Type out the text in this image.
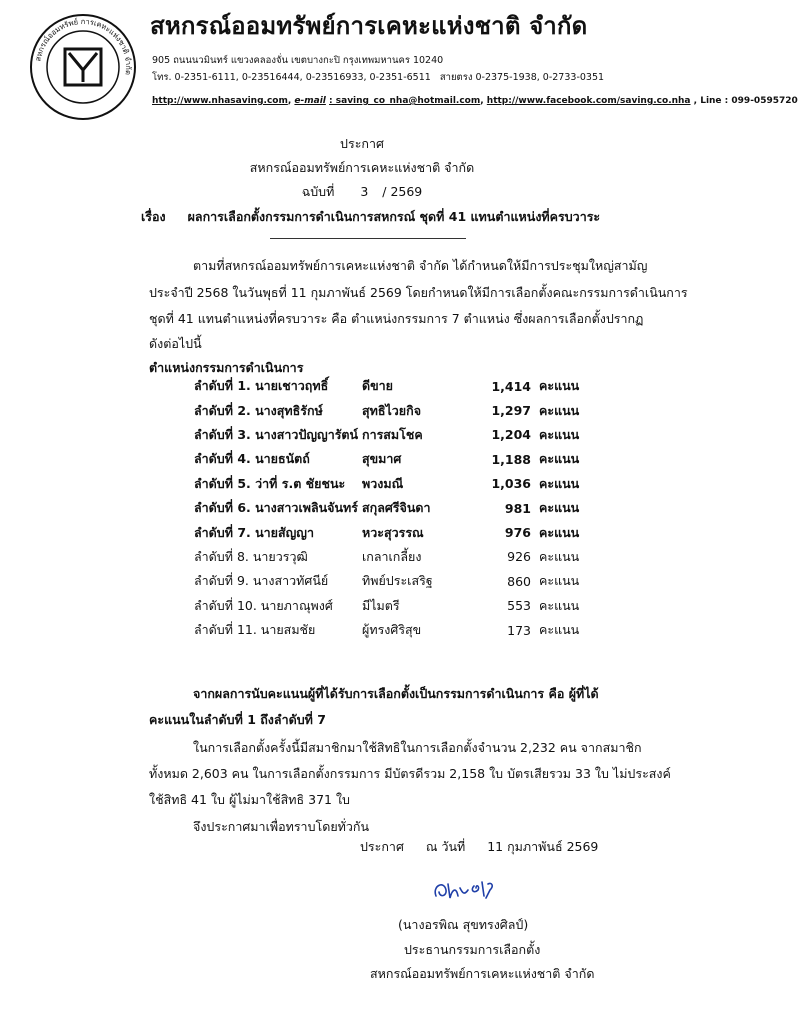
สหกรณ์ออมทรัพย์ การเคหะแห่งชาติ จำกัด
สหกรณ์ออมทรัพย์การเคหะแห่งชาติ จำกัด
905 ถนนนวมินทร์ แขวงคลองจั่น เขตบางกะปิ กรุงเทพมหานคร 10240
โทร. 0-2351-6111, 0-23516444, 0-23516933, 0-2351-6511 สายตรง 0-2375-1938, 0-2733-0351
http://www.nhasaving.com, e-mail : saving_co_nha@hotmail.com, http://www.facebook.com/saving.co.nha , Line : 099-0595720
ประกาศ
สหกรณ์ออมทรัพย์การเคหะแห่งชาติ จำกัด
ฉบับที่ 3 / 2569
เรื่อง ผลการเลือกตั้งกรรมการดำเนินการสหกรณ์ ชุดที่ 41 แทนตำแหน่งที่ครบวาระ
ตามที่สหกรณ์ออมทรัพย์การเคหะแห่งชาติ จำกัด ได้กำหนดให้มีการประชุมใหญ่สามัญ
ประจำปี 2568 ในวันพุธที่ 11 กุมภาพันธ์ 2569 โดยกำหนดให้มีการเลือกตั้งคณะกรรมการดำเนินการ
ชุดที่ 41 แทนตำแหน่งที่ครบวาระ คือ ตำแหน่งกรรมการ 7 ตำแหน่ง ซึ่งผลการเลือกตั้งปรากฏ
ดังต่อไปนี้
ตำแหน่งกรรมการดำเนินการ
ลำดับที่ 1. นายเชาวฤทธิ์	ดีขาย	1,414	คะแนน
ลำดับที่ 2. นางสุทธิรักษ์	สุทธิไวยกิจ	1,297	คะแนน
ลำดับที่ 3. นางสาวปัญญารัตน์	การสมโชค	1,204	คะแนน
ลำดับที่ 4. นายธนัตถ์	สุขมาศ	1,188	คะแนน
ลำดับที่ 5. ว่าที่ ร.ต ชัยชนะ	พวงมณี	1,036	คะแนน
ลำดับที่ 6. นางสาวเพลินจันทร์	สกุลศรีจินดา	981	คะแนน
ลำดับที่ 7. นายสัญญา	หวะสุวรรณ	976	คะแนน
ลำดับที่ 8. นายวรวุฒิ	เกลาเกลี้ยง	926	คะแนน
ลำดับที่ 9. นางสาวทัศนีย์	ทิพย์ประเสริฐ	860	คะแนน
ลำดับที่ 10. นายภาณุพงศ์	มีไมตรี	553	คะแนน
ลำดับที่ 11. นายสมชัย	ผู้ทรงศิริสุข	173	คะแนน
จากผลการนับคะแนนผู้ที่ได้รับการเลือกตั้งเป็นกรรมการดำเนินการ คือ ผู้ที่ได้
คะแนนในลำดับที่ 1 ถึงลำดับที่ 7
ในการเลือกตั้งครั้งนี้มีสมาชิกมาใช้สิทธิในการเลือกตั้งจำนวน 2,232 คน จากสมาชิก
ทั้งหมด 2,603 คน ในการเลือกตั้งกรรมการ มีบัตรดีรวม 2,158 ใบ บัตรเสียรวม 33 ใบ ไม่ประสงค์
ใช้สิทธิ 41 ใบ ผู้ไม่มาใช้สิทธิ 371 ใบ
จึงประกาศมาเพื่อทราบโดยทั่วกัน
ประกาศ ณ วันที่ 11 กุมภาพันธ์ 2569
(นางอรพิณ สุขทรงศิลป์)
ประธานกรรมการเลือกตั้ง
สหกรณ์ออมทรัพย์การเคหะแห่งชาติ จำกัด
